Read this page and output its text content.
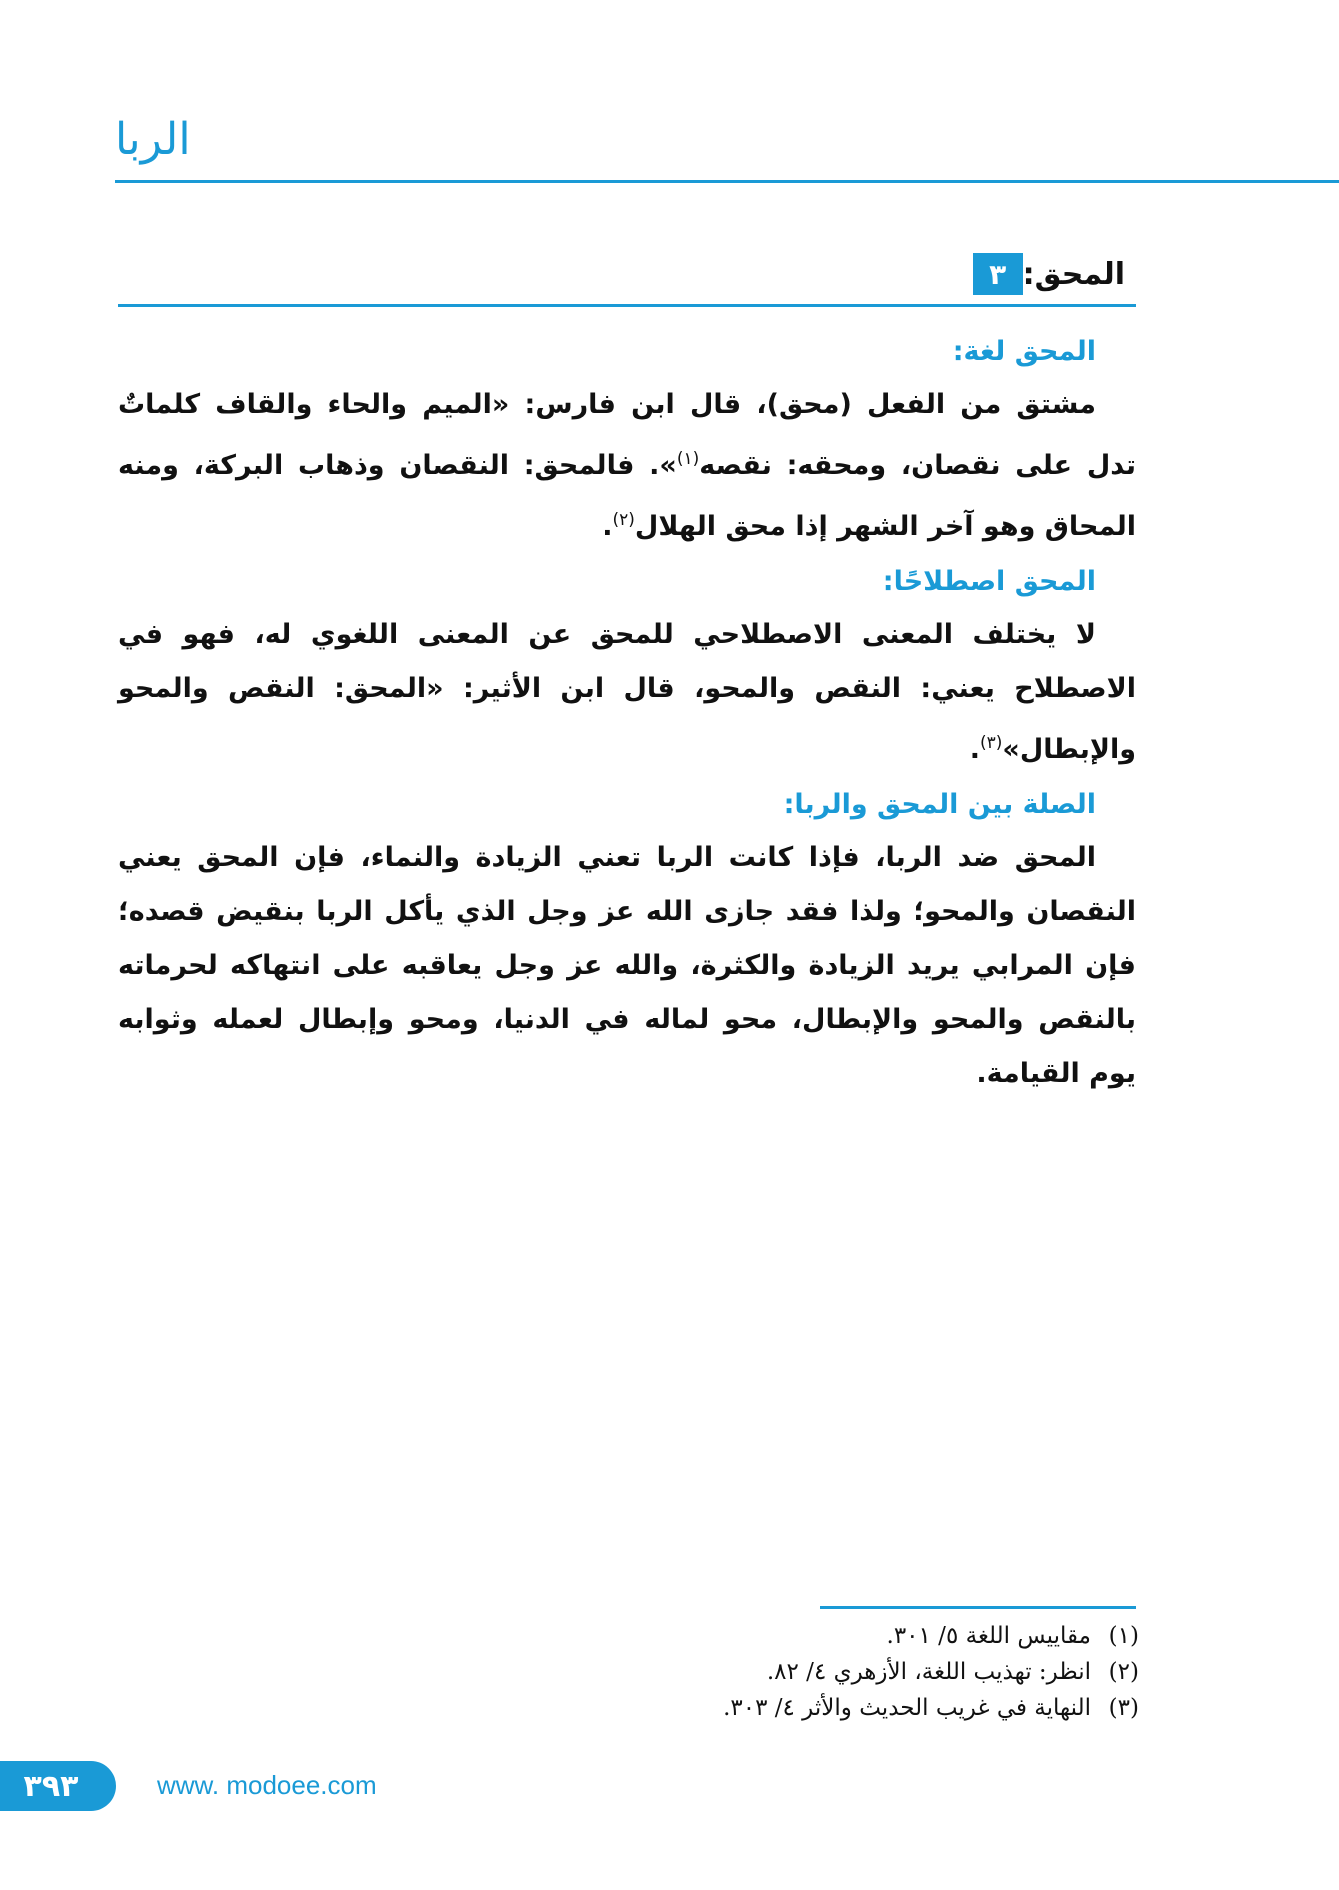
الربا
٣ المحق:
المحق لغة:

مشتق من الفعل (محق)، قال ابن فارس: «الميم والحاء والقاف كلماتٌ تدل على نقصان، ومحقه: نقصه$^{(١)}$». فالمحق: النقصان وذهاب البركة، ومنه المحاق وهو آخر الشهر إذا محق الهلال$^{(٢)}$.

المحق اصطلاحًا:

لا يختلف المعنى الاصطلاحي للمحق عن المعنى اللغوي له، فهو في الاصطلاح يعني: النقص والمحو، قال ابن الأثير: «المحق: النقص والمحو والإبطال»$^{(٣)}$.

الصلة بين المحق والربا:

المحق ضد الربا، فإذا كانت الربا تعني الزيادة والنماء، فإن المحق يعني النقصان والمحو؛ ولذا فقد جازى الله عز وجل الذي يأكل الربا بنقيض قصده؛ فإن المرابي يريد الزيادة والكثرة، والله عز وجل يعاقبه على انتهاكه لحرماته بالنقص والمحو والإبطال، محو لماله في الدنيا، ومحو وإبطال لعمله وثوابه يوم القيامة.

(١)
مقاييس اللغة ٥/ ٣٠١.
(٢)
انظر: تهذيب اللغة، الأزهري ٤/ ٨٢.
(٣)
النهاية في غريب الحديث والأثر ٤/ ٣٠٣.
٣٩٣	www. modoee.com
